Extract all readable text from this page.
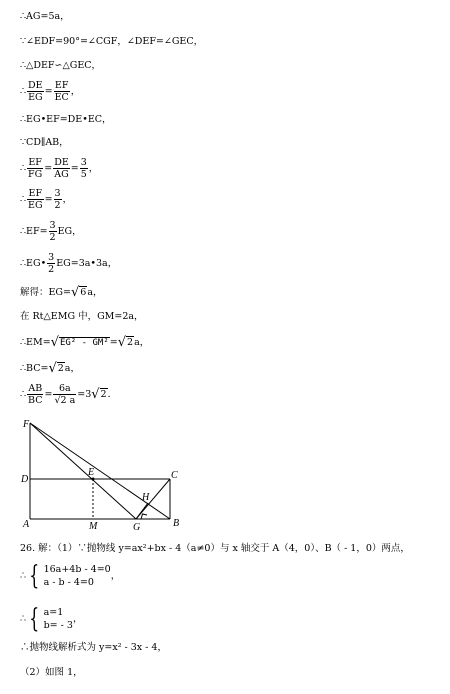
∴AG=5a，
∵∠EDF=90°=∠CGF，∠DEF=∠GEC，
∴△DEF∽△GEC，
∴ $\frac{DE}{EG} = \frac{EF}{EC}$ ，
∴EG•EF=DE•EC，
∵CD∥AB，
∴ $\frac{EF}{FG} = \frac{DE}{AG} = \frac{3}{5}$ ，
∴ $\frac{EF}{EG} = \frac{3}{2}$ ，
∴EF= $\frac{3}{2}$ EG，
∴EG• $\frac{3}{2}$ EG=3a•3a，
解得：EG=√6a，
在 Rt△EMG 中，GM=2a，
∴EM=√EG² - GM²=√2a，
∴BC=√2a，
∴ $\frac{AB}{BC} = \frac{6a}{√2 a} =3√2$．
F
D
E	C
H
A	M	G	B
26. 解：（1）∵抛物线 y=ax²+bx - 4（a≠0）与 x 轴交于 A（4，0）、B（ - 1，0）两点，
∴ { 16a+4b - 4=0
a - b - 4=0
，
∴ { a=1
b= - 3
，
∴抛物线解析式为 y=x² - 3x - 4，
（2）如图 1，
